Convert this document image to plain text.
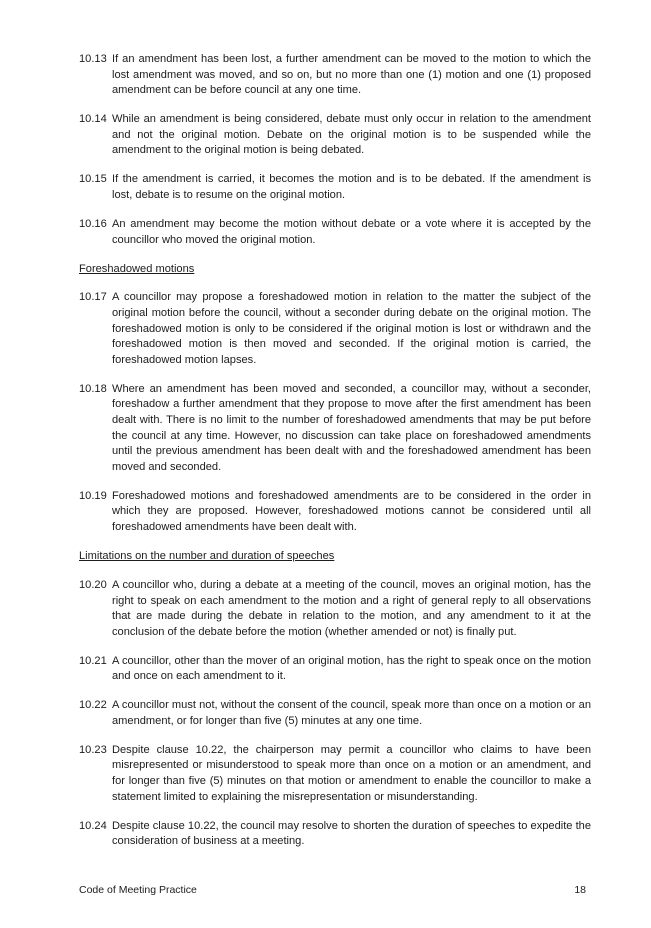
10.13 If an amendment has been lost, a further amendment can be moved to the motion to which the lost amendment was moved, and so on, but no more than one (1) motion and one (1) proposed amendment can be before council at any one time.
10.14 While an amendment is being considered, debate must only occur in relation to the amendment and not the original motion. Debate on the original motion is to be suspended while the amendment to the original motion is being debated.
10.15 If the amendment is carried, it becomes the motion and is to be debated. If the amendment is lost, debate is to resume on the original motion.
10.16 An amendment may become the motion without debate or a vote where it is accepted by the councillor who moved the original motion.
Foreshadowed motions
10.17 A councillor may propose a foreshadowed motion in relation to the matter the subject of the original motion before the council, without a seconder during debate on the original motion. The foreshadowed motion is only to be considered if the original motion is lost or withdrawn and the foreshadowed motion is then moved and seconded. If the original motion is carried, the foreshadowed motion lapses.
10.18 Where an amendment has been moved and seconded, a councillor may, without a seconder, foreshadow a further amendment that they propose to move after the first amendment has been dealt with. There is no limit to the number of foreshadowed amendments that may be put before the council at any time. However, no discussion can take place on foreshadowed amendments until the previous amendment has been dealt with and the foreshadowed amendment has been moved and seconded.
10.19 Foreshadowed motions and foreshadowed amendments are to be considered in the order in which they are proposed. However, foreshadowed motions cannot be considered until all foreshadowed amendments have been dealt with.
Limitations on the number and duration of speeches
10.20 A councillor who, during a debate at a meeting of the council, moves an original motion, has the right to speak on each amendment to the motion and a right of general reply to all observations that are made during the debate in relation to the motion, and any amendment to it at the conclusion of the debate before the motion (whether amended or not) is finally put.
10.21 A councillor, other than the mover of an original motion, has the right to speak once on the motion and once on each amendment to it.
10.22 A councillor must not, without the consent of the council, speak more than once on a motion or an amendment, or for longer than five (5) minutes at any one time.
10.23 Despite clause 10.22, the chairperson may permit a councillor who claims to have been misrepresented or misunderstood to speak more than once on a motion or an amendment, and for longer than five (5) minutes on that motion or amendment to enable the councillor to make a statement limited to explaining the misrepresentation or misunderstanding.
10.24 Despite clause 10.22, the council may resolve to shorten the duration of speeches to expedite the consideration of business at a meeting.
Code of Meeting Practice	18
